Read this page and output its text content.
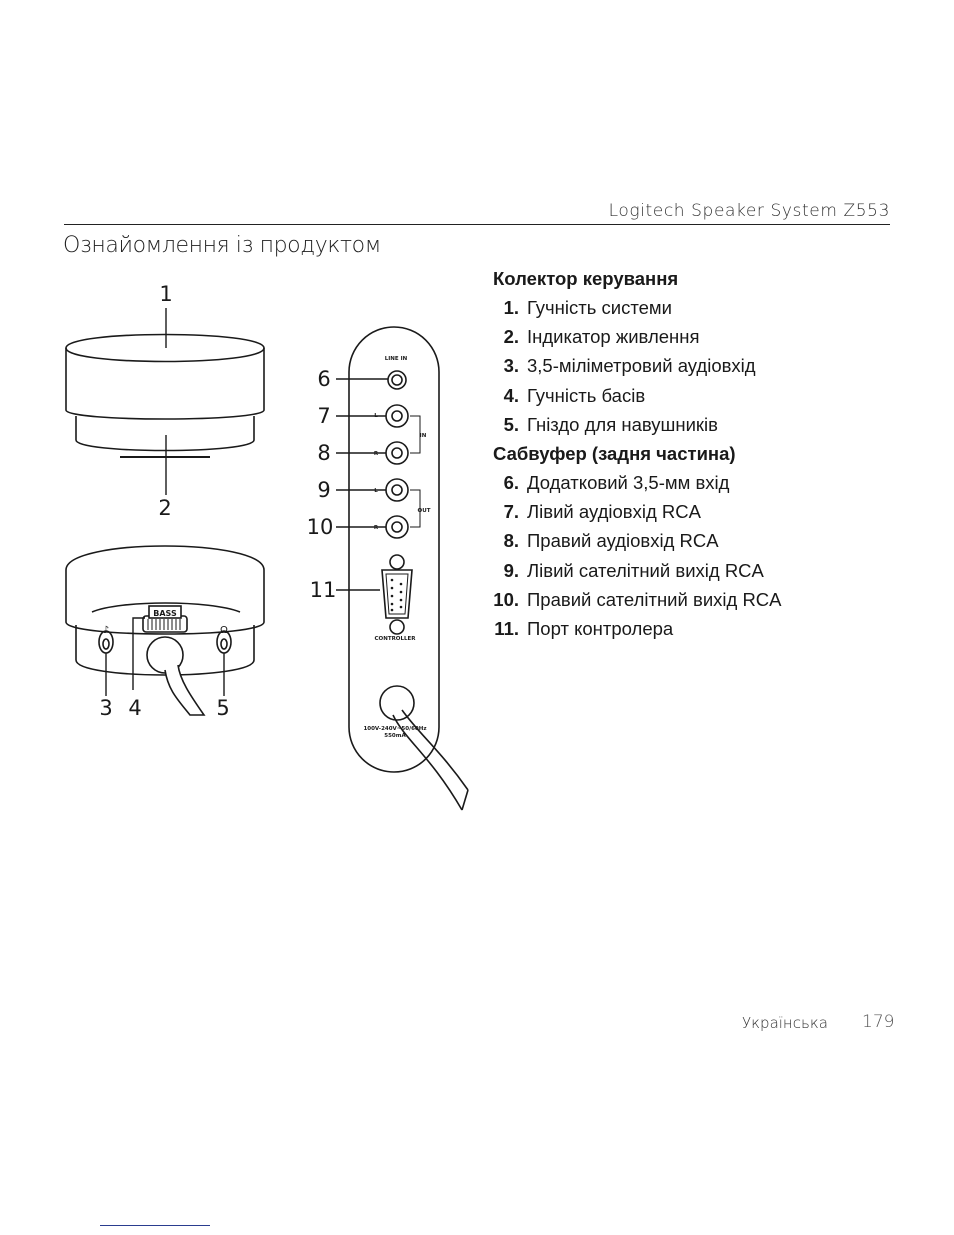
Logitech Speaker System Z553
Ознайомлення із продуктом
1
2
3 4	5
6
7
8
9
10
11
LINE IN
IN
OUT
L
R
L
R
CONTROLLER
100V-240V~50/60Hz
550mA
BASS
♪	Ω
Колектор керування
1. Гучність системи
2. Індикатор живлення
3. 3,5-міліметровий аудіовхід
4. Гучність басів
5. Гніздо для навушників
Сабвуфер (задня частина)
6. Додатковий 3,5-мм вхід
7. Лівий аудіовхід RCA
8. Правий аудіовхід RCA
9. Лівий сателітний вихід RCA
10. Правий сателітний вихід RCA
11. Порт контролера
Українська 179
